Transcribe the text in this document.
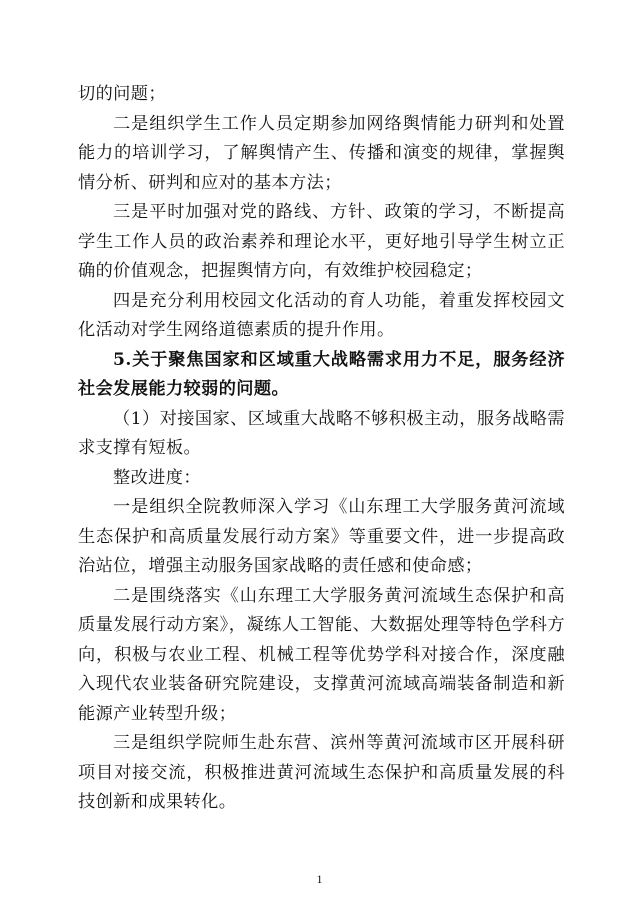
切的问题；

二是组织学生工作人员定期参加网络舆情能力研判和处置能力的培训学习，了解舆情产生、传播和演变的规律，掌握舆情分析、研判和应对的基本方法；

三是平时加强对党的路线、方针、政策的学习，不断提高学生工作人员的政治素养和理论水平，更好地引导学生树立正确的价值观念，把握舆情方向，有效维护校园稳定；

四是充分利用校园文化活动的育人功能，着重发挥校园文化活动对学生网络道德素质的提升作用。

5.关于聚焦国家和区域重大战略需求用力不足，服务经济社会发展能力较弱的问题。

（1）对接国家、区域重大战略不够积极主动，服务战略需求支撑有短板。

整改进度：

一是组织全院教师深入学习《山东理工大学服务黄河流域生态保护和高质量发展行动方案》等重要文件，进一步提高政治站位，增强主动服务国家战略的责任感和使命感；

二是围绕落实《山东理工大学服务黄河流域生态保护和高质量发展行动方案》，凝练人工智能、大数据处理等特色学科方向，积极与农业工程、机械工程等优势学科对接合作，深度融入现代农业装备研究院建设，支撑黄河流域高端装备制造和新能源产业转型升级；

三是组织学院师生赴东营、滨州等黄河流域市区开展科研项目对接交流，积极推进黄河流域生态保护和高质量发展的科技创新和成果转化。

1
